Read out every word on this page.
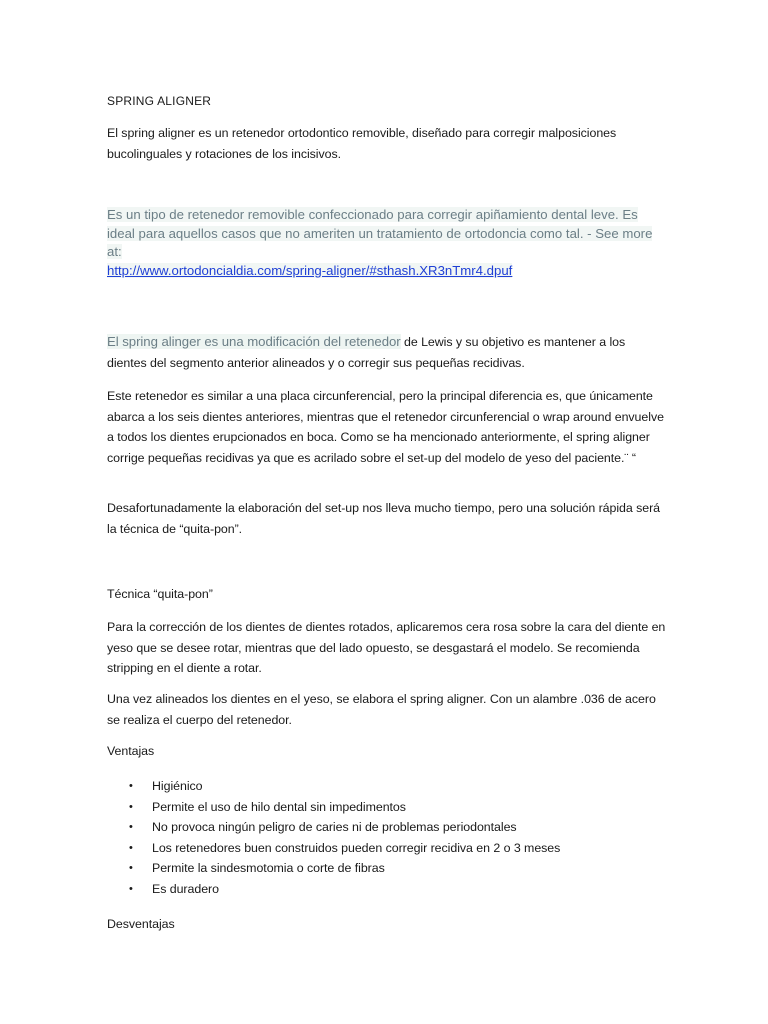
SPRING ALIGNER

El spring aligner es un retenedor ortodontico removible, diseñado para corregir malposiciones bucolinguales y rotaciones de los incisivos.

Es un tipo de retenedor removible confeccionado para corregir apiñamiento dental leve. Es ideal para aquellos casos que no ameriten un tratamiento de ortodoncia como tal. - See more at:
http://www.ortodoncialdia.com/spring-aligner/#sthash.XR3nTmr4.dpuf

El spring alinger es una modificación del retenedor de Lewis y su objetivo es mantener a los dientes del segmento anterior alineados y o corregir sus pequeñas recidivas.

Este retenedor es similar a una placa circunferencial, pero la principal diferencia es, que únicamente abarca a los seis dientes anteriores, mientras que el retenedor circunferencial o wrap around envuelve a todos los dientes erupcionados en boca. Como se ha mencionado anteriormente, el spring aligner corrige pequeñas recidivas ya que es acrilado sobre el set-up del modelo de yeso del paciente.¨ “

Desafortunadamente la elaboración del set-up nos lleva mucho tiempo, pero una solución rápida será la técnica de “quita-pon”.

Técnica “quita-pon”

Para la corrección de los dientes de dientes rotados, aplicaremos cera rosa sobre la cara del diente en yeso que se desee rotar, mientras que del lado opuesto, se desgastará el modelo. Se recomienda stripping en el diente a rotar.

Una vez alineados los dientes en el yeso, se elabora el spring aligner. Con un alambre .036 de acero se realiza el cuerpo del retenedor.

Ventajas

• Higiénico
• Permite el uso de hilo dental sin impedimentos
• No provoca ningún peligro de caries ni de problemas periodontales
• Los retenedores buen construidos pueden corregir recidiva en 2 o 3 meses
• Permite la sindesmotomia o corte de fibras
• Es duradero

Desventajas
